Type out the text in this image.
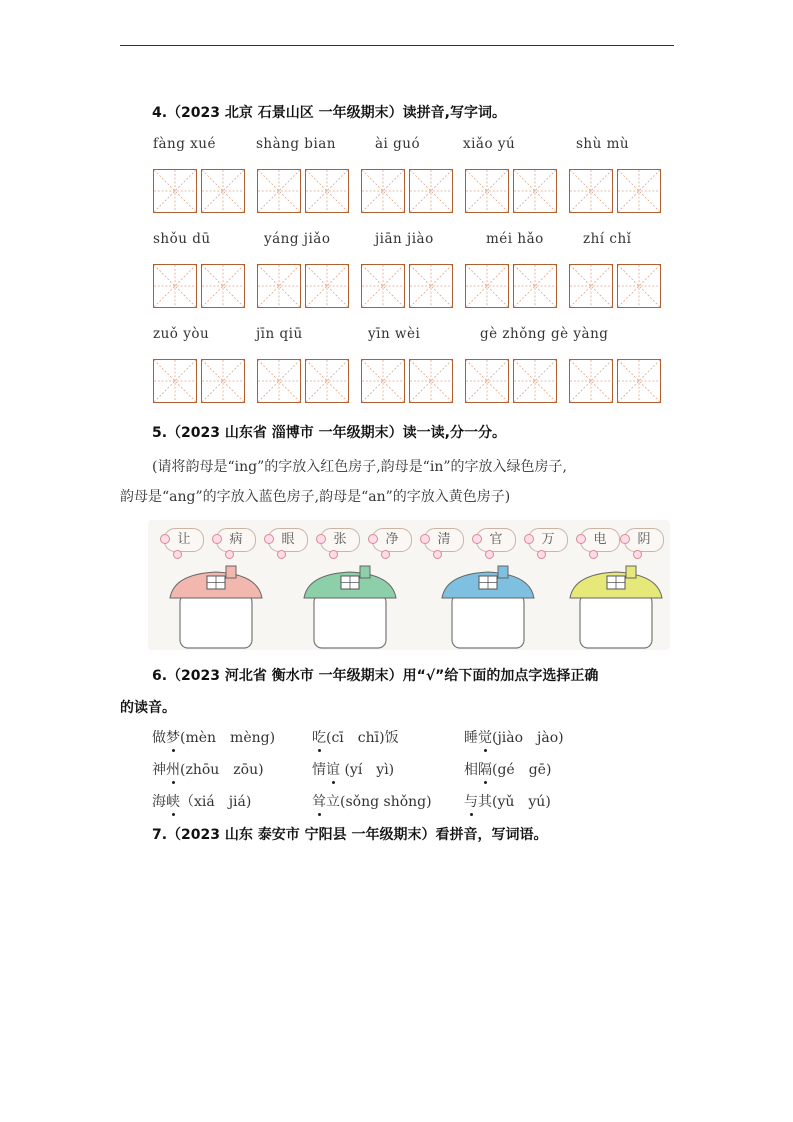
4.（2023 北京 石景山区 一年级期末）读拼音,写字词。
fàng xué	shàng bian	ài guó	xiǎo yú	shù mù
shǒu dū	yáng jiǎo	jiān jiào	méi hǎo	zhí chǐ
zuǒ yòu	jīn qiū	yīn wèi	gè zhǒng gè yàng
5.（2023 山东省 淄博市 一年级期末）读一读,分一分。
(请将韵母是“ing”的字放入红色房子,韵母是“in”的字放入绿色房子,
韵母是“ang”的字放入蓝色房子,韵母是“an”的字放入黄色房子)
让	病	眼	张	净	清	官	万	电	阴
6.（2023 河北省 衡水市 一年级期末）用“√”给下面的加点字选择正确
的读音。
做梦(mèn　mèng)	吃(cī　chī)饭	睡觉(jiào　jào)
神州(zhōu　zōu)	情谊 (yí　yì)	相隔(gé　gē)
海峡（xiá　jiá)	耸立(sǒng shǒng) 与其(yǔ　yú)
7.（2023 山东 泰安市 宁阳县 一年级期末）看拼音，写词语。
